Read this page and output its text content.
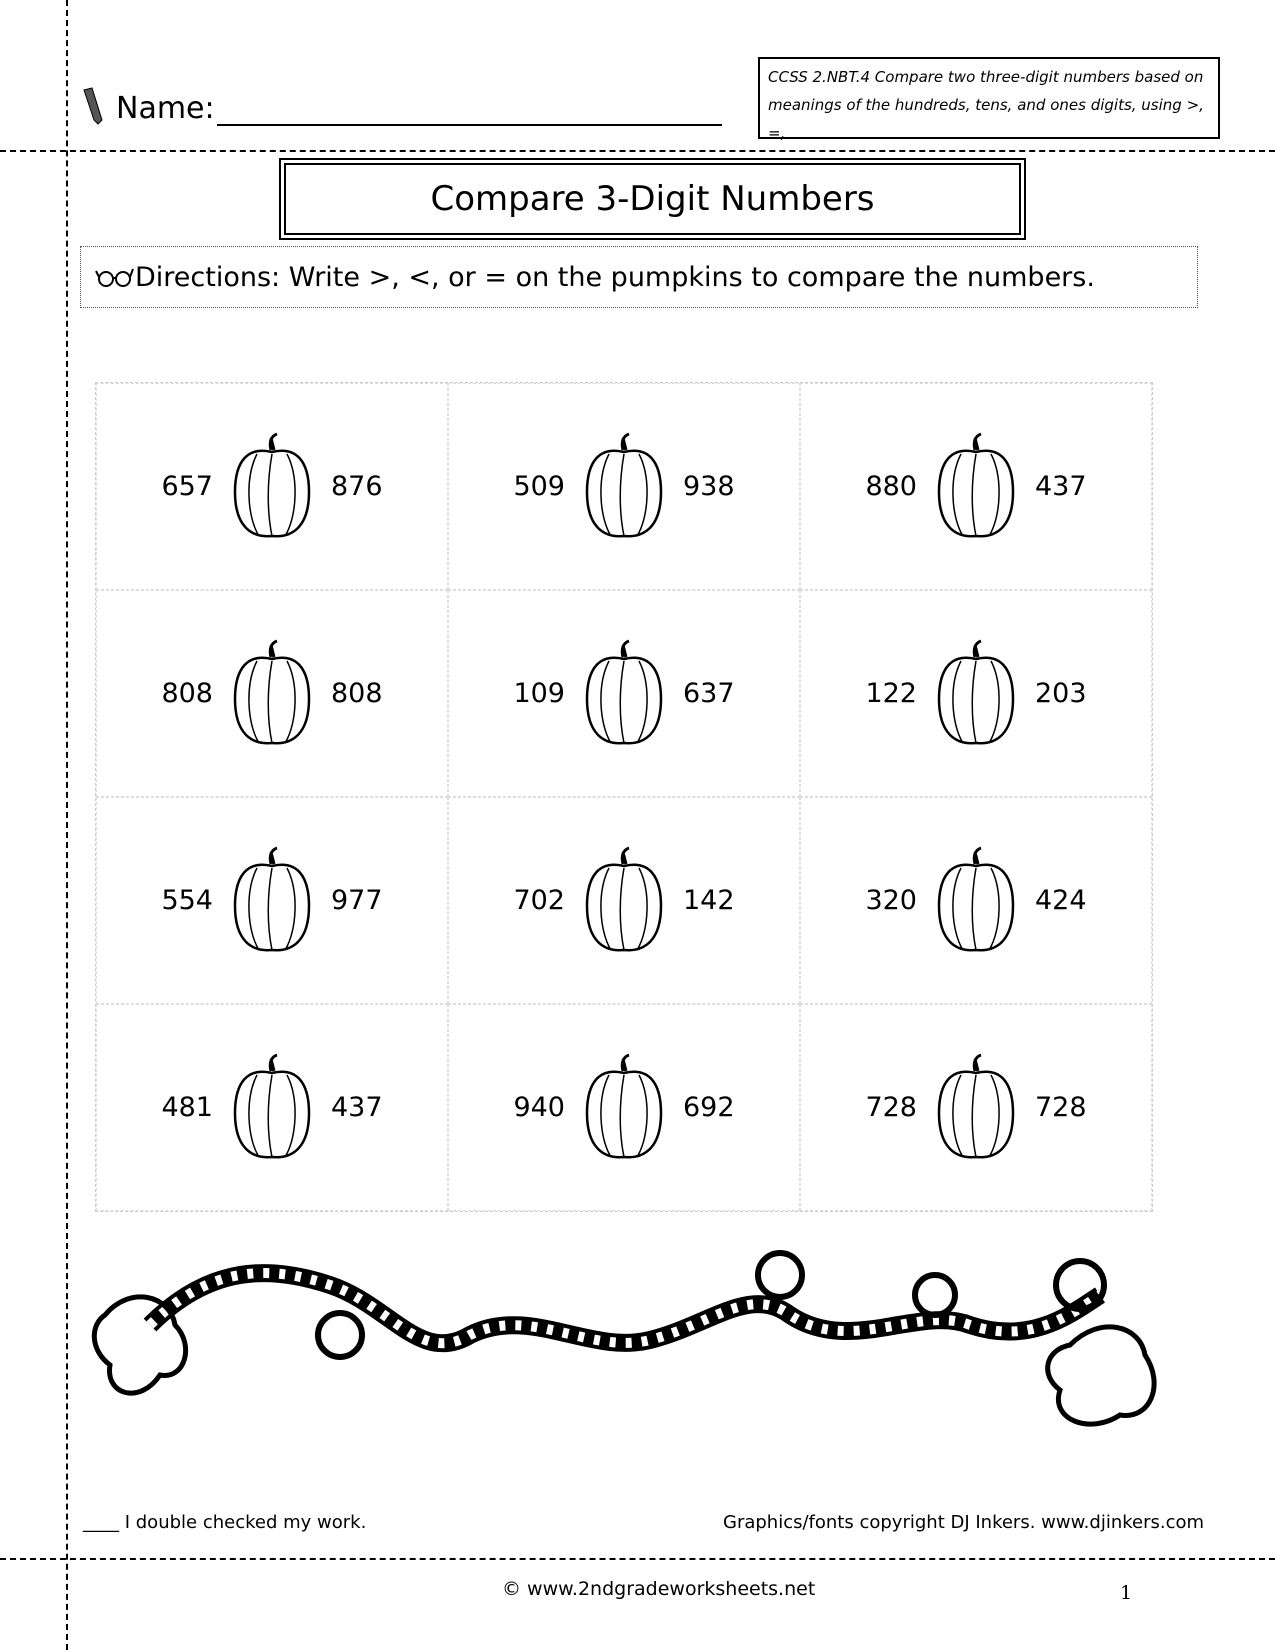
Name:
CCSS 2.NBT.4 Compare two three-digit numbers based on meanings of the hundreds, tens, and ones digits, using >, =,
Compare 3-Digit Numbers
Directions: Write >, <, or = on the pumpkins to compare the numbers.
657	876	509	938	880	437
808	808	109	637	122	203
554	977	702	142	320	424
481	437	940	692	728	728
____ I double checked my work.	Graphics/fonts copyright DJ Inkers. www.djinkers.com
© www.2ndgradeworksheets.net	1
